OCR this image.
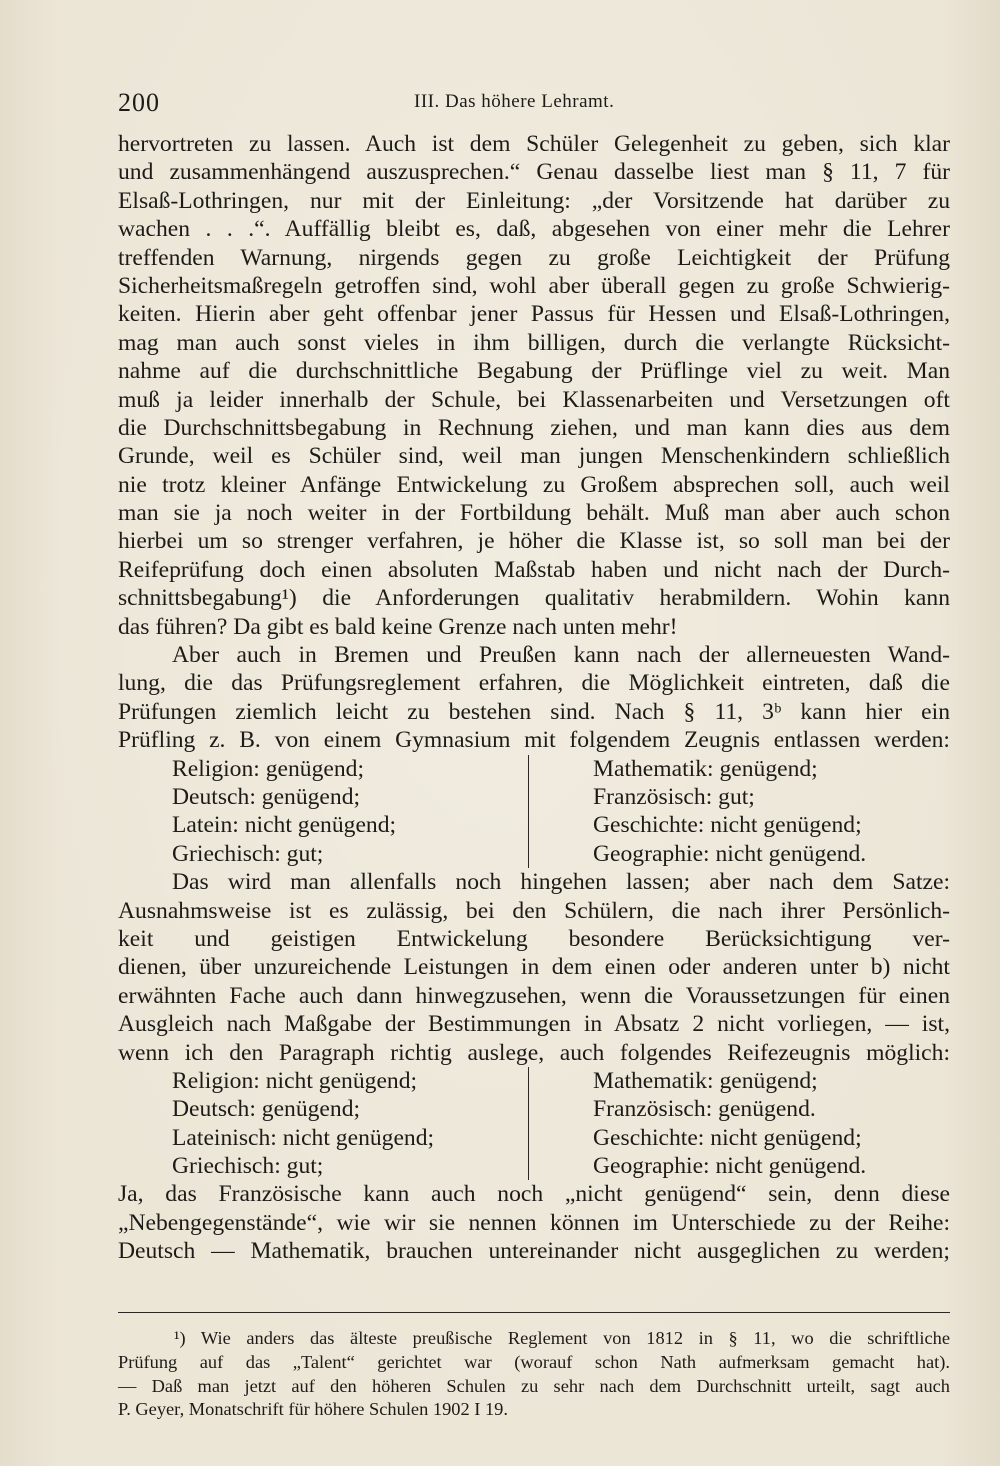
200	III. Das höhere Lehramt.
hervortreten zu lassen. Auch ist dem Schüler Gelegenheit zu geben, sich klar
und zusammenhängend auszusprechen.“ Genau dasselbe liest man § 11, 7 für
Elsaß-Lothringen, nur mit der Einleitung: „der Vorsitzende hat darüber zu
wachen . . .“. Auffällig bleibt es, daß, abgesehen von einer mehr die Lehrer
treffenden Warnung, nirgends gegen zu große Leichtigkeit der Prüfung
Sicherheitsmaßregeln getroffen sind, wohl aber überall gegen zu große Schwierig-
keiten. Hierin aber geht offenbar jener Passus für Hessen und Elsaß-Lothringen,
mag man auch sonst vieles in ihm billigen, durch die verlangte Rücksicht-
nahme auf die durchschnittliche Begabung der Prüflinge viel zu weit. Man
muß ja leider innerhalb der Schule, bei Klassenarbeiten und Versetzungen oft
die Durchschnittsbegabung in Rechnung ziehen, und man kann dies aus dem
Grunde, weil es Schüler sind, weil man jungen Menschenkindern schließlich
nie trotz kleiner Anfänge Entwickelung zu Großem absprechen soll, auch weil
man sie ja noch weiter in der Fortbildung behält. Muß man aber auch schon
hierbei um so strenger verfahren, je höher die Klasse ist, so soll man bei der
Reifeprüfung doch einen absoluten Maßstab haben und nicht nach der Durch-
schnittsbegabung¹) die Anforderungen qualitativ herabmildern. Wohin kann
das führen? Da gibt es bald keine Grenze nach unten mehr!
Aber auch in Bremen und Preußen kann nach der allerneuesten Wand-
lung, die das Prüfungsreglement erfahren, die Möglichkeit eintreten, daß die
Prüfungen ziemlich leicht zu bestehen sind. Nach § 11, 3ᵇ kann hier ein
Prüfling z. B. von einem Gymnasium mit folgendem Zeugnis entlassen werden:
Religion: genügend;
Deutsch: genügend;
Latein: nicht genügend;
Griechisch: gut;
Mathematik: genügend;
Französisch: gut;
Geschichte: nicht genügend;
Geographie: nicht genügend.
Das wird man allenfalls noch hingehen lassen; aber nach dem Satze:
Ausnahmsweise ist es zulässig, bei den Schülern, die nach ihrer Persönlich-
keit und geistigen Entwickelung besondere Berücksichtigung ver-
dienen, über unzureichende Leistungen in dem einen oder anderen unter b) nicht
erwähnten Fache auch dann hinwegzusehen, wenn die Voraussetzungen für einen
Ausgleich nach Maßgabe der Bestimmungen in Absatz 2 nicht vorliegen, — ist,
wenn ich den Paragraph richtig auslege, auch folgendes Reifezeugnis möglich:
Religion: nicht genügend;
Deutsch: genügend;
Lateinisch: nicht genügend;
Griechisch: gut;
Mathematik: genügend;
Französisch: genügend.
Geschichte: nicht genügend;
Geographie: nicht genügend.
Ja, das Französische kann auch noch „nicht genügend“ sein, denn diese
„Nebengegenstände“, wie wir sie nennen können im Unterschiede zu der Reihe:
Deutsch — Mathematik, brauchen untereinander nicht ausgeglichen zu werden;
¹) Wie anders das älteste preußische Reglement von 1812 in § 11, wo die schriftliche
Prüfung auf das „Talent“ gerichtet war (worauf schon Nath aufmerksam gemacht hat).
— Daß man jetzt auf den höheren Schulen zu sehr nach dem Durchschnitt urteilt, sagt auch
P. Geyer, Monatschrift für höhere Schulen 1902 I 19.
